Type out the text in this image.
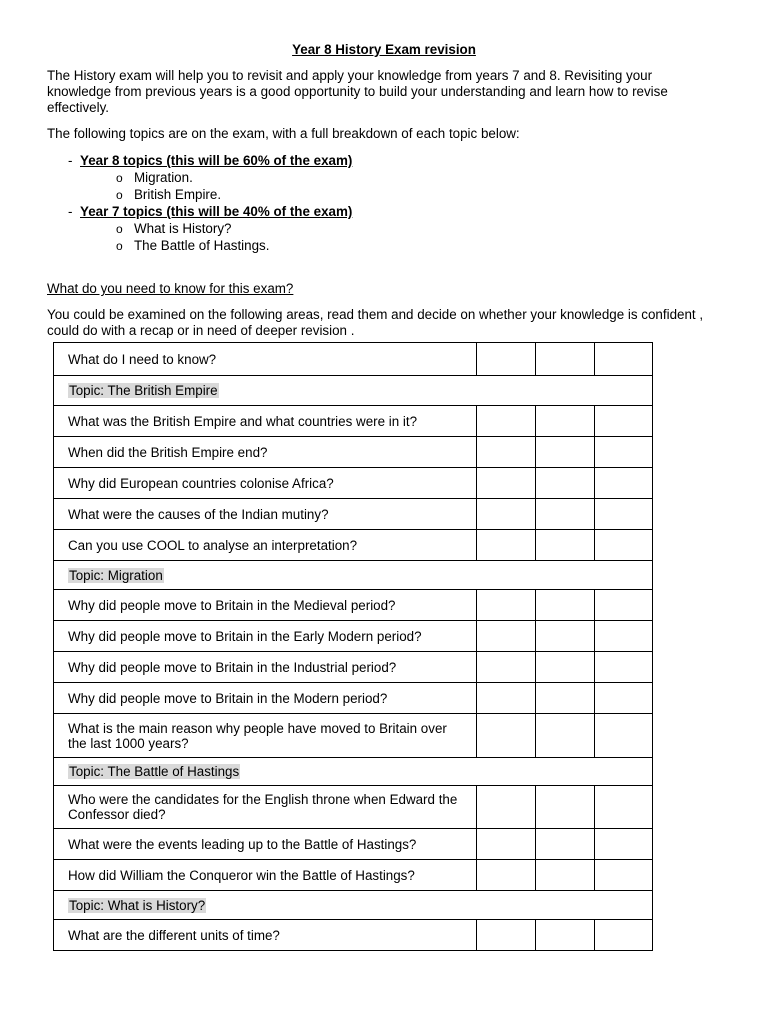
Year 8 History Exam revision

The History exam will help you to revisit and apply your knowledge from years 7 and 8. Revisiting your knowledge from previous years is a good opportunity to build your understanding and learn how to revise effectively.

The following topics are on the exam, with a full breakdown of each topic below:

- Year 8 topics (this will be 60% of the exam)
o Migration.
o British Empire.
- Year 7 topics (this will be 40% of the exam)
o What is History?
o The Battle of Hastings.

What do you need to know for this exam?

You could be examined on the following areas, read them and decide on whether your knowledge is confident , could do with a recap or in need of deeper revision .

What do I need to know?			
Topic: The British Empire			
What was the British Empire and what countries were in it?			
When did the British Empire end?			
Why did European countries colonise Africa?			
What were the causes of the Indian mutiny?			
Can you use COOL to analyse an interpretation?			
Topic: Migration			
Why did people move to Britain in the Medieval period?			
Why did people move to Britain in the Early Modern period?			
Why did people move to Britain in the Industrial period?			
Why did people move to Britain in the Modern period?			
What is the main reason why people have moved to Britain over the last 1000 years?			
Topic: The Battle of Hastings			
Who were the candidates for the English throne when Edward the Confessor died?			
What were the events leading up to the Battle of Hastings?			
How did William the Conqueror win the Battle of Hastings?			
Topic: What is History?			
What are the different units of time?			
